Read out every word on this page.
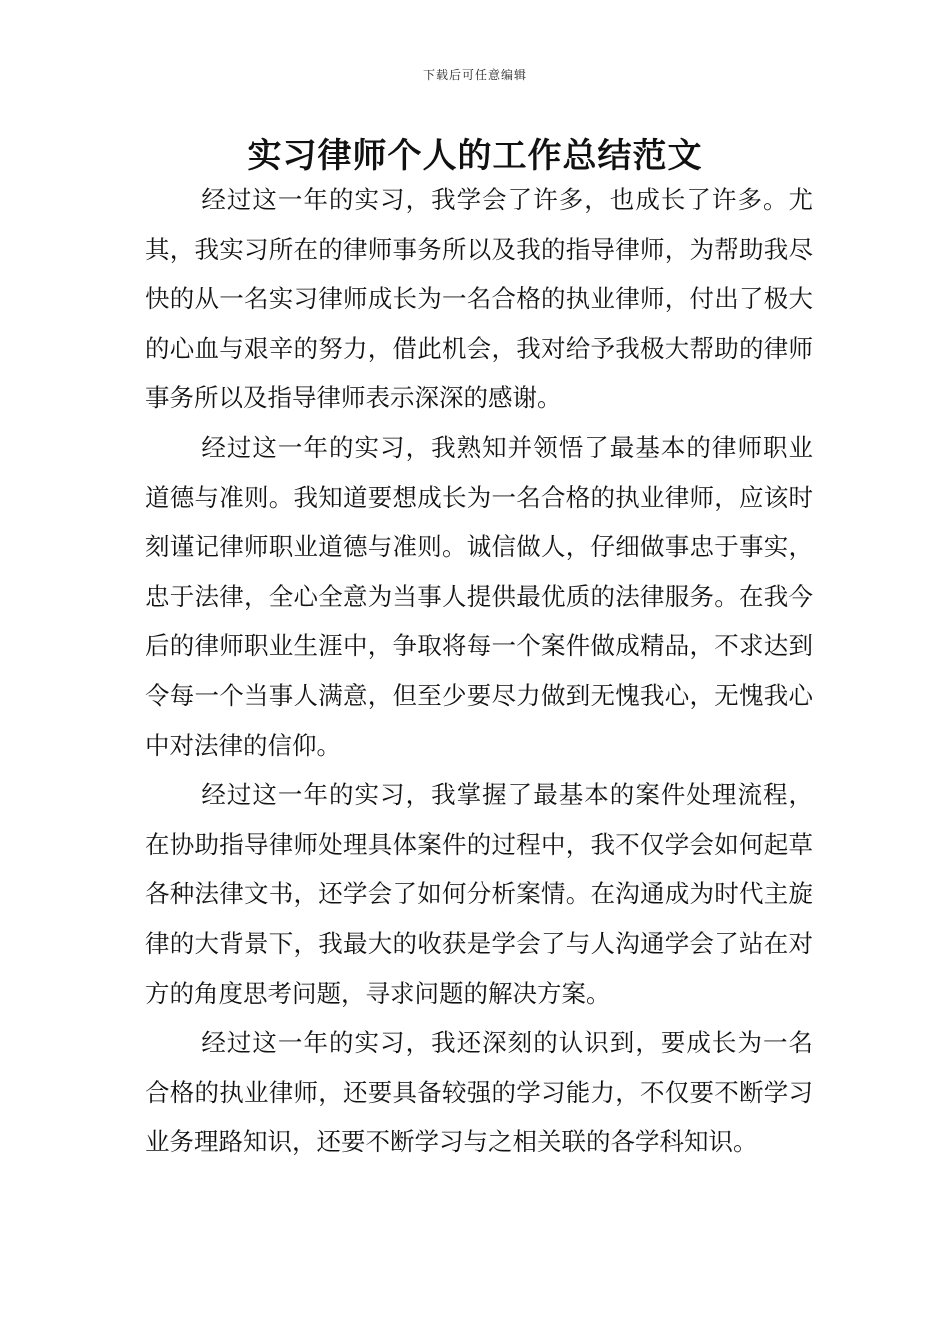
下载后可任意编辑
实习律师个人的工作总结范文

经过这一年的实习，我学会了许多，也成长了许多。尤其，我实习所在的律师事务所以及我的指导律师，为帮助我尽快的从一名实习律师成长为一名合格的执业律师，付出了极大的心血与艰辛的努力，借此机会，我对给予我极大帮助的律师事务所以及指导律师表示深深的感谢。

经过这一年的实习，我熟知并领悟了最基本的律师职业道德与准则。我知道要想成长为一名合格的执业律师，应该时刻谨记律师职业道德与准则。诚信做人，仔细做事忠于事实，忠于法律，全心全意为当事人提供最优质的法律服务。在我今后的律师职业生涯中，争取将每一个案件做成精品，不求达到令每一个当事人满意，但至少要尽力做到无愧我心，无愧我心中对法律的信仰。

经过这一年的实习，我掌握了最基本的案件处理流程，在协助指导律师处理具体案件的过程中，我不仅学会如何起草各种法律文书，还学会了如何分析案情。在沟通成为时代主旋律的大背景下，我最大的收获是学会了与人沟通学会了站在对方的角度思考问题，寻求问题的解决方案。

经过这一年的实习，我还深刻的认识到，要成长为一名合格的执业律师，还要具备较强的学习能力，不仅要不断学习业务理路知识，还要不断学习与之相关联的各学科知识。
